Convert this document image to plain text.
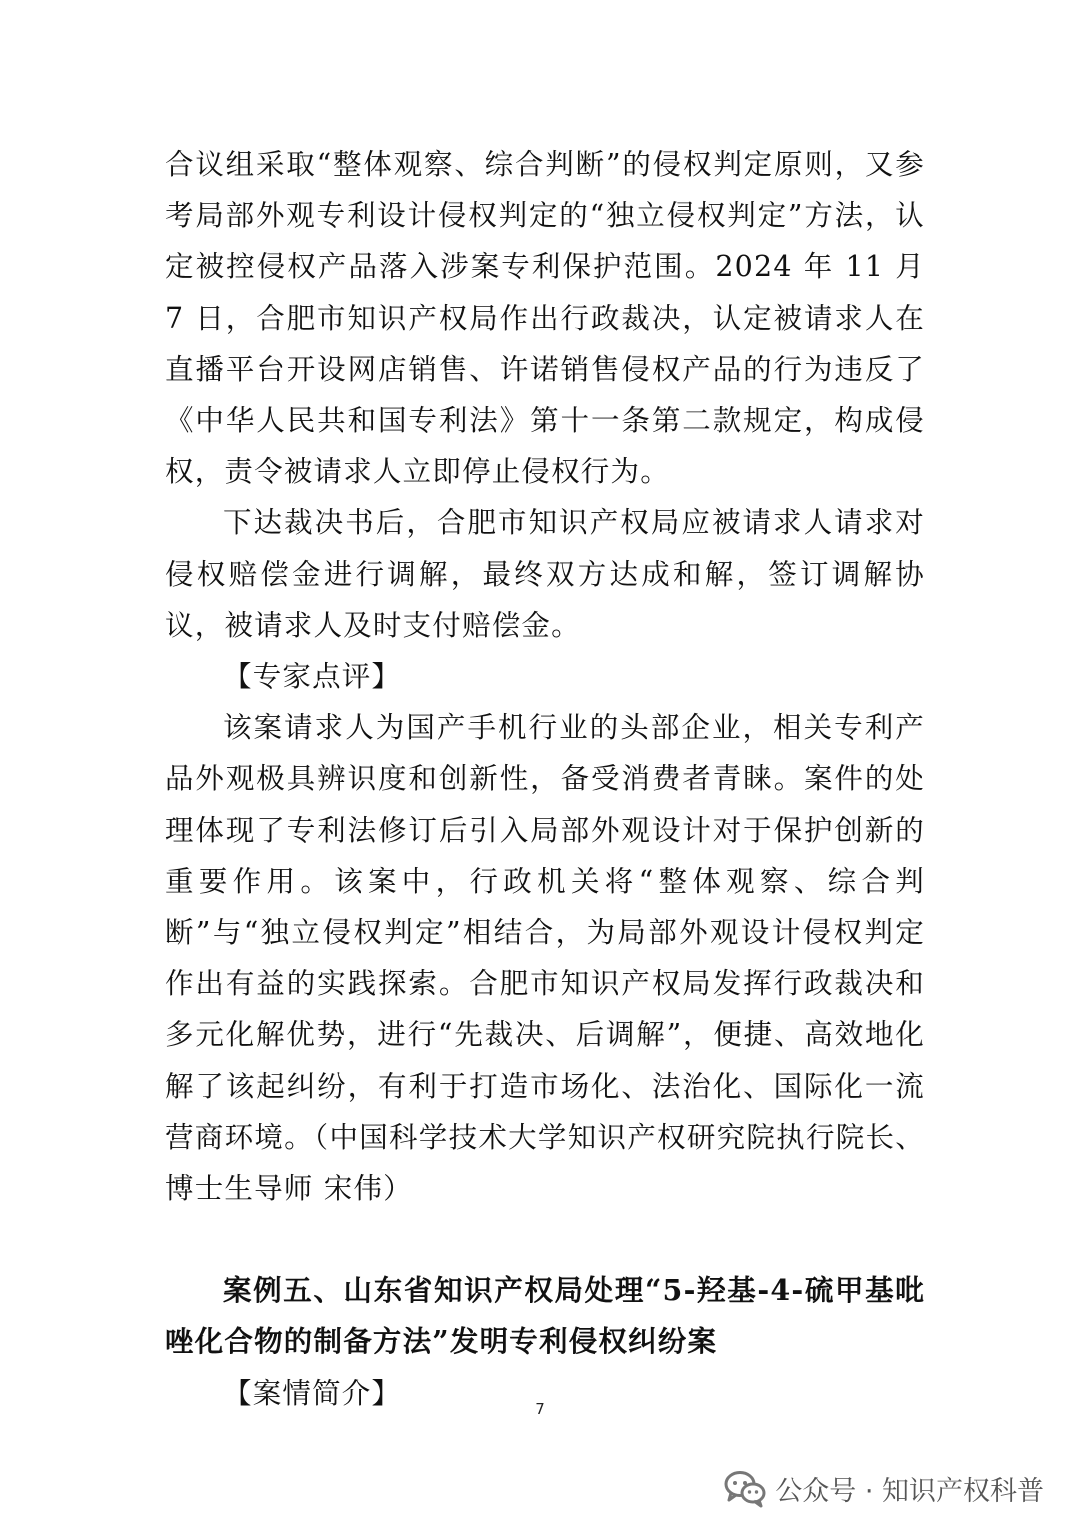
合议组采取“整体观察、综合判断”的侵权判定原则，又参考局部外观专利设计侵权判定的“独立侵权判定”方法，认定被控侵权产品落入涉案专利保护范围。2024 年 11 月 7 日，合肥市知识产权局作出行政裁决，认定被请求人在直播平台开设网店销售、许诺销售侵权产品的行为违反了《中华人民共和国专利法》第十一条第二款规定，构成侵权，责令被请求人立即停止侵权行为。

下达裁决书后，合肥市知识产权局应被请求人请求对侵权赔偿金进行调解，最终双方达成和解，签订调解协议，被请求人及时支付赔偿金。

【专家点评】

该案请求人为国产手机行业的头部企业，相关专利产品外观极具辨识度和创新性，备受消费者青睐。案件的处理体现了专利法修订后引入局部外观设计对于保护创新的重要作用。该案中，行政机关将“整体观察、综合判断”与“独立侵权判定”相结合，为局部外观设计侵权判定作出有益的实践探索。合肥市知识产权局发挥行政裁决和多元化解优势，进行“先裁决、后调解”，便捷、高效地化解了该起纠纷，有利于打造市场化、法治化、国际化一流营商环境。（中国科学技术大学知识产权研究院执行院长、博士生导师 宋伟）

案例五、山东省知识产权局处理“5-羟基-4-硫甲基吡唑化合物的制备方法”发明专利侵权纠纷案

【案情简介】	7
公众号 · 知识产权科普
